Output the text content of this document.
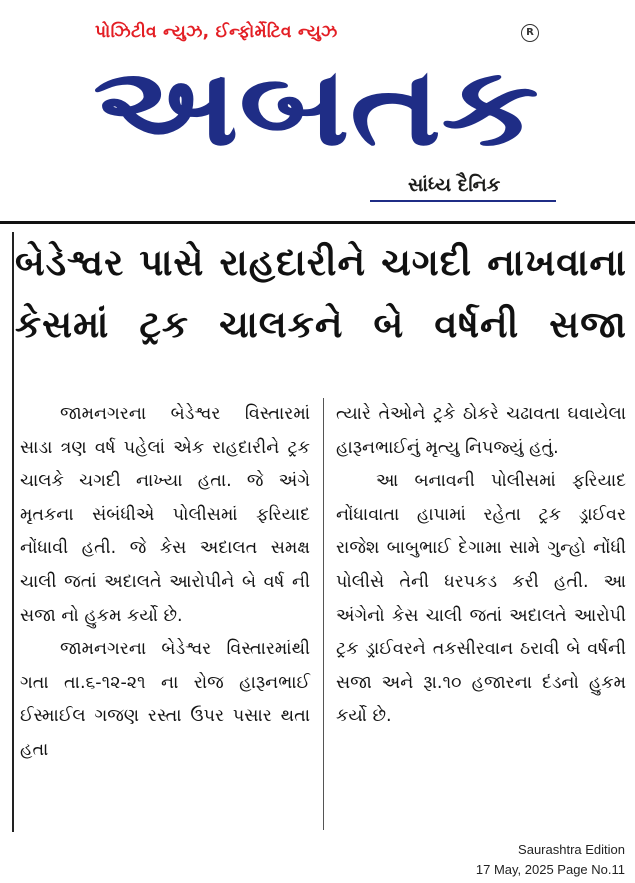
પોઝિટીવ ન્યુઝ, ઈન્ફોર્મેટિવ ન્યુઝ	R
અબતક
સાંધ્ય દૈનિક
બેડેશ્વર પાસે રાહદારીને ચગદી નાખવાના
કેસમાં ટ્રક ચાલકને બે વર્ષની સજા

જામનગરના બેડેશ્વર વિસ્તારમાં સાડા ત્રણ વર્ષ પહેલાં એક રાહદારીને ટ્રક ચાલકે ચગદી નાખ્યા હતા. જે અંગે મૃતકના સંબંધીએ પોલીસમાં ફરિયાદ નોંધાવી હતી. જે કેસ અદાલત સમક્ષ ચાલી જતાં અદાલતે આરોપીને બે વર્ષ ની સજા નો હુકમ કર્યો છે.

જામનગરના બેડેશ્વર વિસ્તારમાંથી ગતા તા.૬-૧૨-૨૧ ના રોજ હારૂનભાઈ ઈસ્માઈલ ગજણ રસ્તા ઉપર પસાર થતા હતા

ત્યારે તેઓને ટ્રકે ઠોકરે ચઢાવતા ઘવાયેલા હારૂનભાઈનું મૃત્યુ નિપજ્યું હતું.

આ બનાવની પોલીસમાં ફરિયાદ નોંધાવાતા હાપામાં રહેતા ટ્રક ડ્રાઈવર રાજેશ બાબુભાઈ દેગામા સામે ગુન્હો નોંધી પોલીસે તેની ધરપકડ કરી હતી. આ અંગેનો કેસ ચાલી જતાં અદાલતે આરોપી ટ્રક ડ્રાઈવરને તકસીરવાન ઠરાવી બે વર્ષની સજા અને રૂા.૧૦ હજારના દંડનો હુકમ કર્યો છે.

Saurashtra Edition
17 May, 2025 Page No.11
